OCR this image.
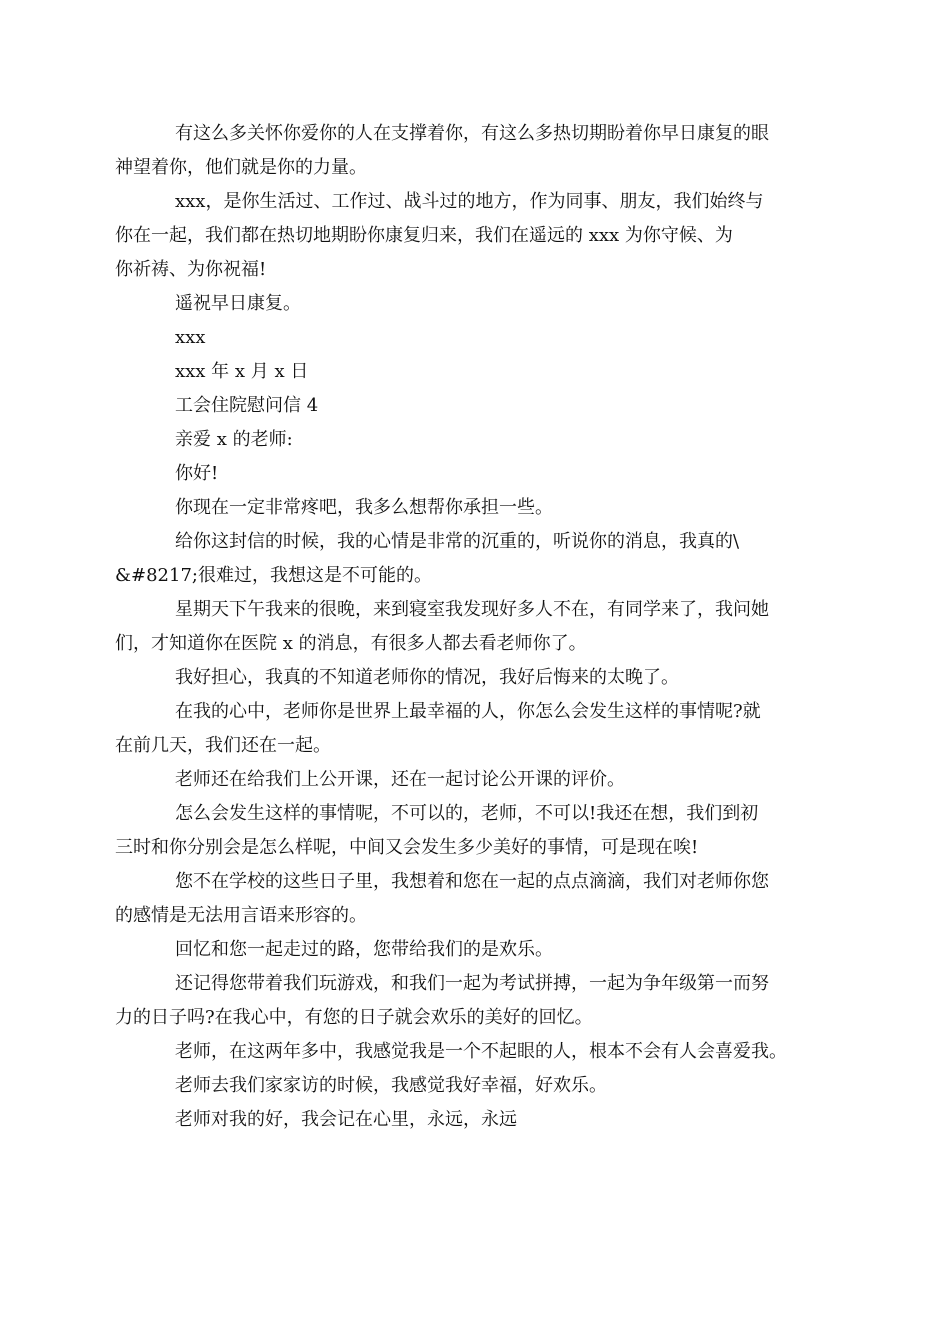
有这么多关怀你爱你的人在支撑着你，有这么多热切期盼着你早日康复的眼
神望着你，他们就是你的力量。

xxx，是你生活过、工作过、战斗过的地方，作为同事、朋友，我们始终与
你在一起，我们都在热切地期盼你康复归来，我们在遥远的 xxx 为你守候、为
你祈祷、为你祝福!

遥祝早日康复。

xxx

xxx 年 x 月 x 日

工会住院慰问信 4

亲爱 x 的老师:

你好!

你现在一定非常疼吧，我多么想帮你承担一些。

给你这封信的时候，我的心情是非常的沉重的，听说你的消息，我真的\
&#8217;很难过，我想这是不可能的。

星期天下午我来的很晚，来到寝室我发现好多人不在，有同学来了，我问她
们，才知道你在医院 x 的消息，有很多人都去看老师你了。

我好担心，我真的不知道老师你的情况，我好后悔来的太晚了。

在我的心中，老师你是世界上最幸福的人，你怎么会发生这样的事情呢?就
在前几天，我们还在一起。

老师还在给我们上公开课，还在一起讨论公开课的评价。

怎么会发生这样的事情呢，不可以的，老师，不可以!我还在想，我们到初
三时和你分别会是怎么样呢，中间又会发生多少美好的事情，可是现在唉!

您不在学校的这些日子里，我想着和您在一起的点点滴滴，我们对老师你您
的感情是无法用言语来形容的。

回忆和您一起走过的路，您带给我们的是欢乐。

还记得您带着我们玩游戏，和我们一起为考试拼搏，一起为争年级第一而努
力的日子吗?在我心中，有您的日子就会欢乐的美好的回忆。

老师，在这两年多中，我感觉我是一个不起眼的人，根本不会有人会喜爱我。

老师去我们家家访的时候，我感觉我好幸福，好欢乐。

老师对我的好，我会记在心里，永远，永远
